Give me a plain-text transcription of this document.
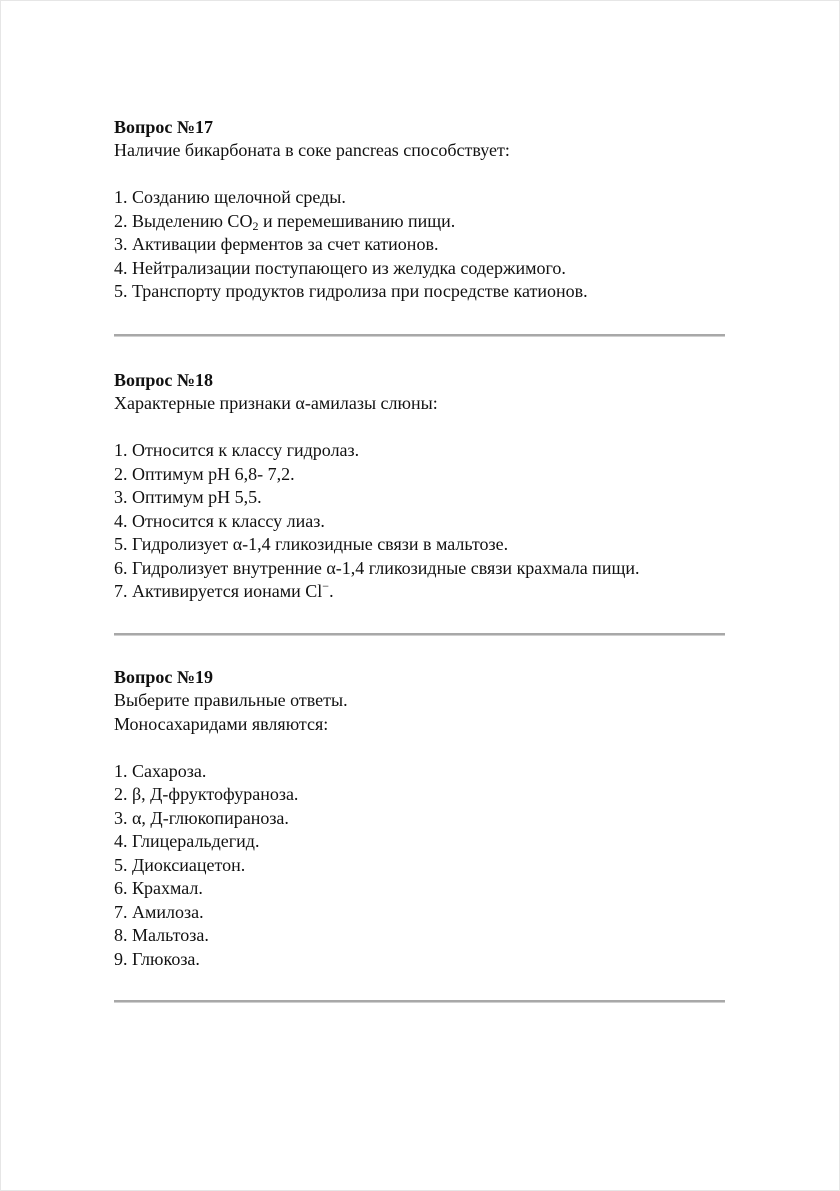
Вопрос №17
Наличие бикарбоната в соке pancreas способствует:
1. Созданию щелочной среды.
2. Выделению $CO_2$ и перемешиванию пищи.
3. Активации ферментов за счет катионов.
4. Нейтрализации поступающего из желудка содержимого.
5. Транспорту продуктов гидролиза при посредстве катионов.
Вопрос №18
Характерные признаки α-амилазы слюны:
1. Относится к классу гидролаз.
2. Оптимум pH 6,8- 7,2.
3. Оптимум pH 5,5.
4. Относится к классу лиаз.
5. Гидролизует α-1,4 гликозидные связи в мальтозе.
6. Гидролизует внутренние α-1,4 гликозидные связи крахмала пищи.
7. Активируется ионами Cl−.
Вопрос №19
Выберите правильные ответы.
Моносахаридами являются:
1. Сахароза.
2. β, Д-фруктофураноза.
3. α, Д-глюкопираноза.
4. Глицеральдегид.
5. Диоксиацетон.
6. Крахмал.
7. Амилоза.
8. Мальтоза.
9. Глюкоза.
